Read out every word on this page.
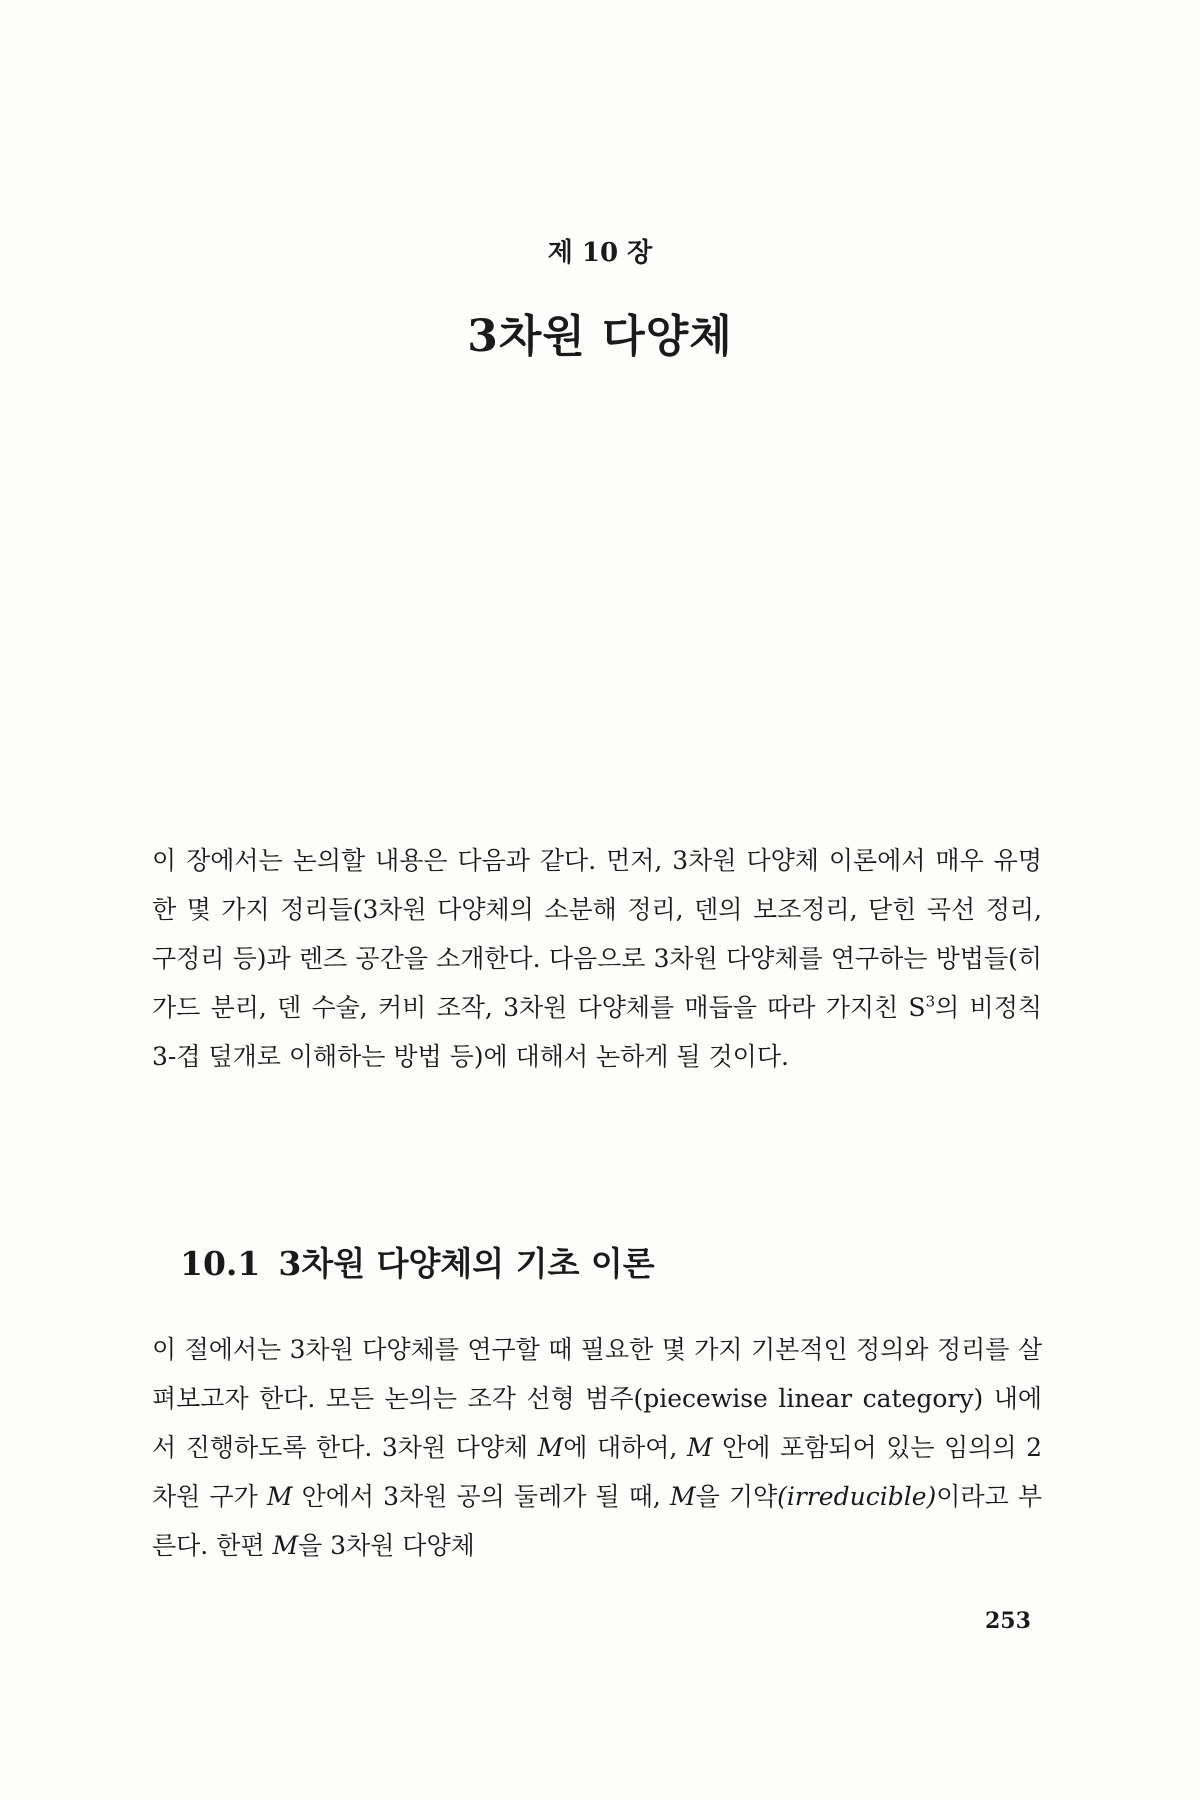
제 10 장
3차원 다양체

이 장에서는 논의할 내용은 다음과 같다. 먼저, 3차원 다양체 이론에서 매우 유명한 몇 가지 정리들(3차원 다양체의 소분해 정리, 덴의 보조정리, 닫힌 곡선 정리, 구정리 등)과 렌즈 공간을 소개한다. 다음으로 3차원 다양체를 연구하는 방법들(히가드 분리, 덴 수술, 커비 조작, 3차원 다양체를 매듭을 따라 가지친 $S^3$의 비정칙 3-겹 덮개로 이해하는 방법 등)에 대해서 논하게 될 것이다.

10.1 3차원 다양체의 기초 이론

이 절에서는 3차원 다양체를 연구할 때 필요한 몇 가지 기본적인 정의와 정리를 살펴보고자 한다. 모든 논의는 조각 선형 범주(piecewise linear category) 내에서 진행하도록 한다. 3차원 다양체 M에 대하여, M 안에 포함되어 있는 임의의 2차원 구가 M 안에서 3차원 공의 둘레가 될 때, M을 기약(irreducible)이라고 부른다. 한편 M을 3차원 다양체

253
